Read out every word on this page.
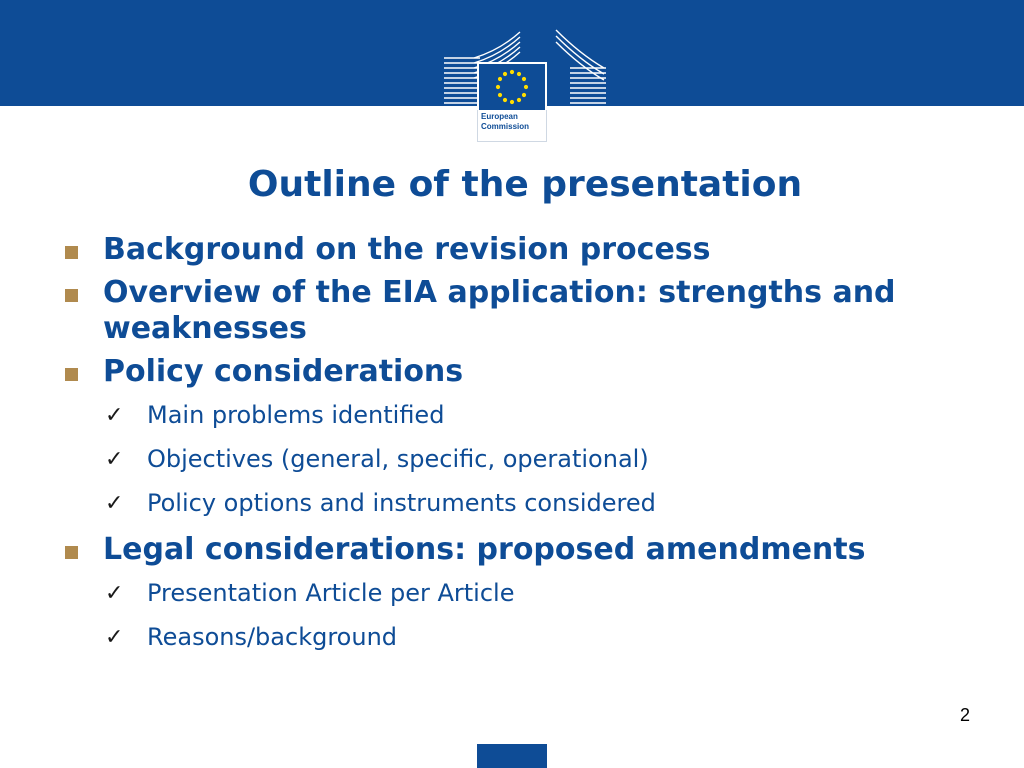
European
Commission
Outline of the presentation
Background on the revision process
Overview of the EIA application: strengths and weaknesses
Policy considerations
✓ Main problems identified
✓ Objectives (general, specific, operational)
✓ Policy options and instruments considered
Legal considerations: proposed amendments
✓ Presentation Article per Article
✓ Reasons/background
2
